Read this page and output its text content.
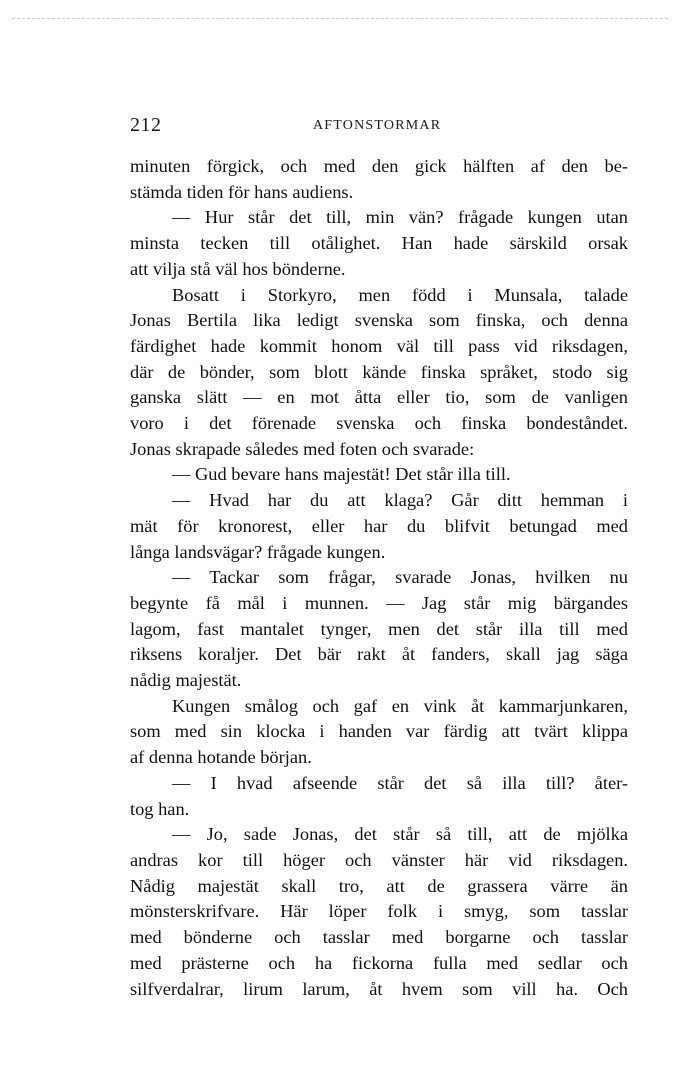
212	AFTONSTORMAR

minuten förgick, och med den gick hälften af den be-

stämda tiden för hans audiens.

— Hur står det till, min vän? frågade kungen utan

minsta tecken till otålighet. Han hade särskild orsak

att vilja stå väl hos bönderne.

Bosatt i Storkyro, men född i Munsala, talade

Jonas Bertila lika ledigt svenska som finska, och denna

färdighet hade kommit honom väl till pass vid riksdagen,

där de bönder, som blott kände finska språket, stodo sig

ganska slätt — en mot åtta eller tio, som de vanligen

voro i det förenade svenska och finska bondeståndet.

Jonas skrapade således med foten och svarade:

— Gud bevare hans majestät! Det står illa till.

— Hvad har du att klaga? Går ditt hemman i

mät för kronorest, eller har du blifvit betungad med

långa landsvägar? frågade kungen.

— Tackar som frågar, svarade Jonas, hvilken nu

begynte få mål i munnen. — Jag står mig bärgandes

lagom, fast mantalet tynger, men det står illa till med

riksens koraljer. Det bär rakt åt fanders, skall jag säga

nådig majestät.

Kungen smålog och gaf en vink åt kammarjunkaren,

som med sin klocka i handen var färdig att tvärt klippa

af denna hotande början.

— I hvad afseende står det så illa till? åter-

tog han.

— Jo, sade Jonas, det står så till, att de mjölka

andras kor till höger och vänster här vid riksdagen.

Nådig majestät skall tro, att de grassera värre än

mönsterskrifvare. Här löper folk i smyg, som tasslar

med bönderne och tasslar med borgarne och tasslar

med prästerne och ha fickorna fulla med sedlar och

silfverdalrar, lirum larum, åt hvem som vill ha. Och
